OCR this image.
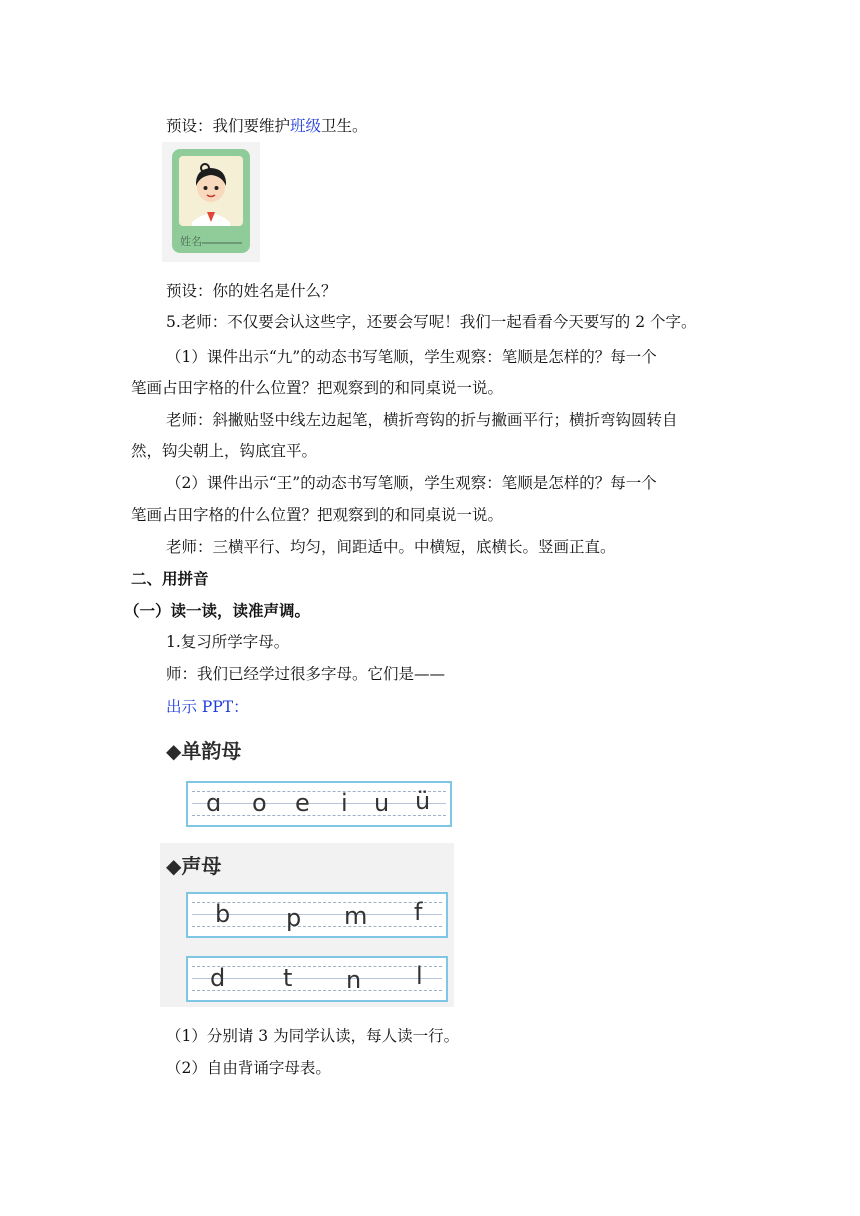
预设：我们要维护班级卫生。
姓名
预设：你的姓名是什么？
5.老师：不仅要会认这些字，还要会写呢！我们一起看看今天要写的 2 个字。
（1）课件出示“九”的动态书写笔顺，学生观察：笔顺是怎样的？每一个
笔画占田字格的什么位置？把观察到的和同桌说一说。
老师：斜撇贴竖中线左边起笔，横折弯钩的折与撇画平行；横折弯钩圆转自
然，钩尖朝上，钩底宜平。
（2）课件出示“王”的动态书写笔顺，学生观察：笔顺是怎样的？每一个
笔画占田字格的什么位置？把观察到的和同桌说一说。
老师：三横平行、均匀，间距适中。中横短，底横长。竖画正直。
二、用拼音
（一）读一读，读准声调。
1.复习所学字母。
师：我们已经学过很多字母。它们是——
出示 PPT：
◆单韵母
ɑ o e i u ü
◆声母
b p m f
d t n l
（1）分别请 3 为同学认读，每人读一行。
（2）自由背诵字母表。
